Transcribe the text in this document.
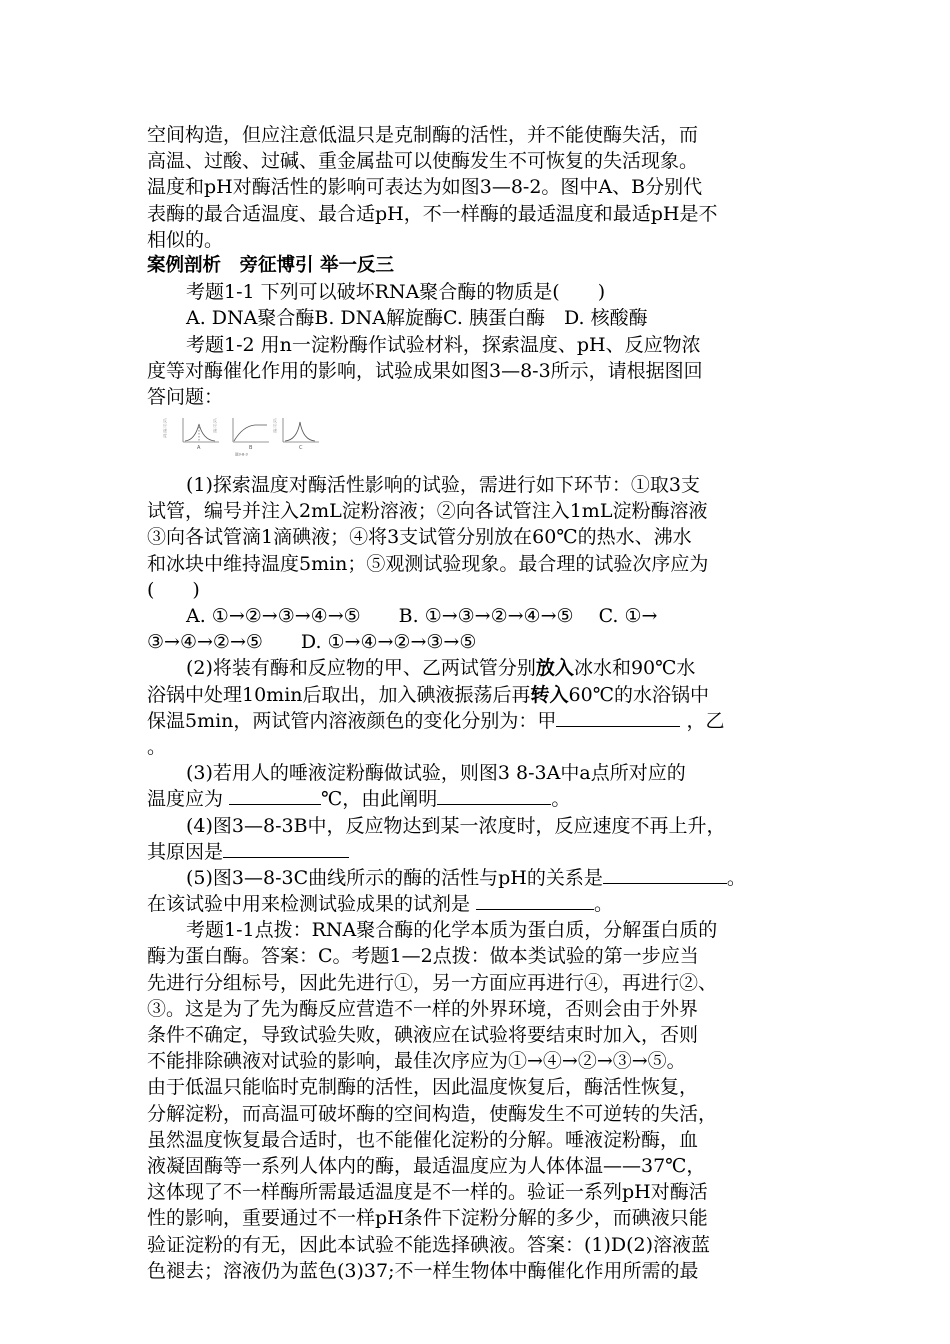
空间构造，但应注意低温只是克制酶的活性，并不能使酶失活，而
高温、过酸、过碱、重金属盐可以使酶发生不可恢复的失活现象。
温度和pH对酶活性的影响可表达为如图3—8-2。图中A、B分别代
表酶的最合适温度、最合适pH，不一样酶的最适温度和最适pH是不
相似的。
案例剖析　旁征博引 举一反三
考题1-1 下列可以破坏RNA聚合酶的物质是(　　)
A. DNA聚合酶B. DNA解旋酶C. 胰蛋白酶　D. 核酸酶
考题1-2 用n一淀粉酶作试验材料，探索温度、pH、反应物浓
度等对酶催化作用的影响，试验成果如图3—8-3所示，请根据图回
答问题：
反
应
速
度
反
应
速
反
应
速
A	B	C
图3-8-3
(1)探索温度对酶活性影响的试验，需进行如下环节：①取3支
试管，编号并注入2mL淀粉溶液；②向各试管注入1mL淀粉酶溶液
③向各试管滴1滴碘液；④将3支试管分别放在60℃的热水、沸水
和冰块中维持温度5min；⑤观测试验现象。最合理的试验次序应为
(　　)
A. ①→②→③→④→⑤　　B. ①→③→②→④→⑤　 C. ①→
③→④→②→⑤　　D. ①→④→②→③→⑤
(2)将装有酶和反应物的甲、乙两试管分别放入冰水和90℃水
浴锅中处理10min后取出，加入碘液振荡后再转入60℃的水浴锅中
保温5min，两试管内溶液颜色的变化分别为：甲	，乙
。
(3)若用人的唾液淀粉酶做试验，则图3 8-3A中a点所对应的
温度应为	℃，由此阐明	。
(4)图3—8-3B中，反应物达到某一浓度时，反应速度不再上升，
其原因是
(5)图3—8-3C曲线所示的酶的活性与pH的关系是	。
在该试验中用来检测试验成果的试剂是	。
考题1-1点拨：RNA聚合酶的化学本质为蛋白质，分解蛋白质的
酶为蛋白酶。答案：C。考题1—2点拨：做本类试验的第一步应当
先进行分组标号，因此先进行①，另一方面应再进行④，再进行②、
③。这是为了先为酶反应营造不一样的外界环境，否则会由于外界
条件不确定，导致试验失败，碘液应在试验将要结束时加入，否则
不能排除碘液对试验的影响，最佳次序应为①→④→②→③→⑤。
由于低温只能临时克制酶的活性，因此温度恢复后，酶活性恢复，
分解淀粉，而高温可破坏酶的空间构造，使酶发生不可逆转的失活，
虽然温度恢复最合适时，也不能催化淀粉的分解。唾液淀粉酶，血
液凝固酶等一系列人体内的酶，最适温度应为人体体温——37℃，
这体现了不一样酶所需最适温度是不一样的。验证一系列pH对酶活
性的影响，重要通过不一样pH条件下淀粉分解的多少，而碘液只能
验证淀粉的有无，因此本试验不能选择碘液。答案：(1)D(2)溶液蓝
色褪去；溶液仍为蓝色(3)37;不一样生物体中酶催化作用所需的最
